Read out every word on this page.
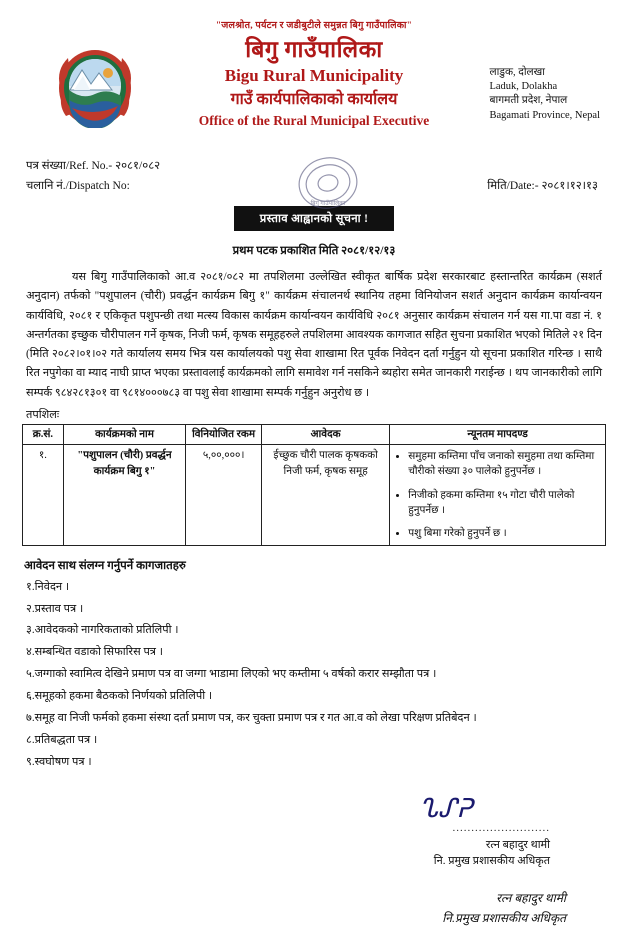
"जलश्रोत, पर्यटन र जडीबुटीले समुन्नत बिगु गाउँपालिका"
बिगु गाउँपालिका
Bigu Rural Municipality
गाउँ कार्यपालिकाको कार्यालय
Office of the Rural Municipal Executive
लाडुक, दोलखा
Laduk, Dolakha
बागमती प्रदेश, नेपाल
Bagamati Province, Nepal
पत्र संख्या/Ref. No.- २०८१/०८२
चलानि नं./Dispatch No:
बिगु गाउँपालिका
मिति/Date:- २०८१।१२।१३
प्रस्ताव आह्वानको सूचना !
प्रथम पटक प्रकाशित मिति २०८१/१२/१३
यस बिगु गाउँपालिकाको आ.व २०८१/०८२ मा तपशिलमा उल्लेखित स्वीकृत बार्षिक प्रदेश सरकारबाट हस्तान्तरित कार्यक्रम (सशर्त अनुदान) तर्फको "पशुपालन (चौरी) प्रवर्द्धन कार्यक्रम बिगु १" कार्यक्रम संचालनर्थ स्थानिय तहमा विनियोजन सशर्त अनुदान कार्यक्रम कार्यान्वयन कार्यविधि, २०८१ र एकिकृत पशुपन्छी तथा मत्स्य विकास कार्यक्रम कार्यान्वयन कार्यविधि २०८१ अनुसार कार्यक्रम संचालन गर्न यस गा.पा वडा नं. १ अन्तर्गतका इच्छुक चौरीपालन गर्ने कृषक, निजी फर्म, कृषक समूहहरुले तपशिलमा आवश्यक कागजात सहित सुचना प्रकाशित भएको मितिले २१ दिन (मिति २०८२।०१।०२ गते कार्यालय समय भित्र यस कार्यालयको पशु सेवा शाखामा रित पूर्वक निवेदन दर्ता गर्नुहुन यो सूचना प्रकाशित गरिन्छ । साथै रित नपुगेका वा म्याद नाघी प्राप्त भएका प्रस्तावलाई कार्यक्रमको लागि समावेश गर्न नसकिने ब्यहोरा समेत जानकारी गराईन्छ । थप जानकारीको लागि सम्पर्क ९८४२८१३०१ वा ९८१४०००७८३ वा पशु सेवा शाखामा सम्पर्क गर्नुहुन अनुरोध छ ।
तपशिलः
क्र.सं.	कार्यक्रमको नाम	विनियोजित रकम	आवेदक	न्यूनतम मापदण्ड
१.	"पशुपालन (चौरी) प्रवर्द्धन कार्यक्रम बिगु १"	५,००,०००।	ईच्छुक चौरी पालक कृषकको निजी फर्म, कृषक समूह	
• समुहमा कम्तिमा पाँच जनाको समुहमा तथा कम्तिमा चौरीको संख्या ३० पालेको हुनुपर्नेछ ।
• निजीको हकमा कम्तिमा १५ गोटा चौरी पालेको हुनुपर्नेछ ।
• पशु बिमा गरेको हुनुपर्ने छ ।
आवेदन साथ संलग्न गर्नुपर्ने कागजातहरु
१.निवेदन ।
२.प्रस्ताव पत्र ।
३.आवेदकको नागरिकताको प्रतिलिपी ।
४.सम्बन्धित वडाको सिफारिस पत्र ।
५.जग्गाको स्वामित्व देखिने प्रमाण पत्र वा जग्गा भाडामा लिएको भए कम्तीमा ५ वर्षको करार सम्झौता पत्र ।
६.समूहको हकमा बैठकको निर्णयको प्रतिलिपी ।
७.समूह वा निजी फर्मको हकमा संस्था दर्ता प्रमाण पत्र, कर चुक्ता प्रमाण पत्र र गत आ.व को लेखा परिक्षण प्रतिबेदन ।
८.प्रतिबद्धता पत्र ।
९.स्वघोषण पत्र ।
ᔐᔑᕈ
..........................
रत्न बहादुर थामी
नि. प्रमुख प्रशासकीय अधिकृत
रत्न बहादुर थामी
नि.प्रमुख प्रशासकीय अधिकृत
